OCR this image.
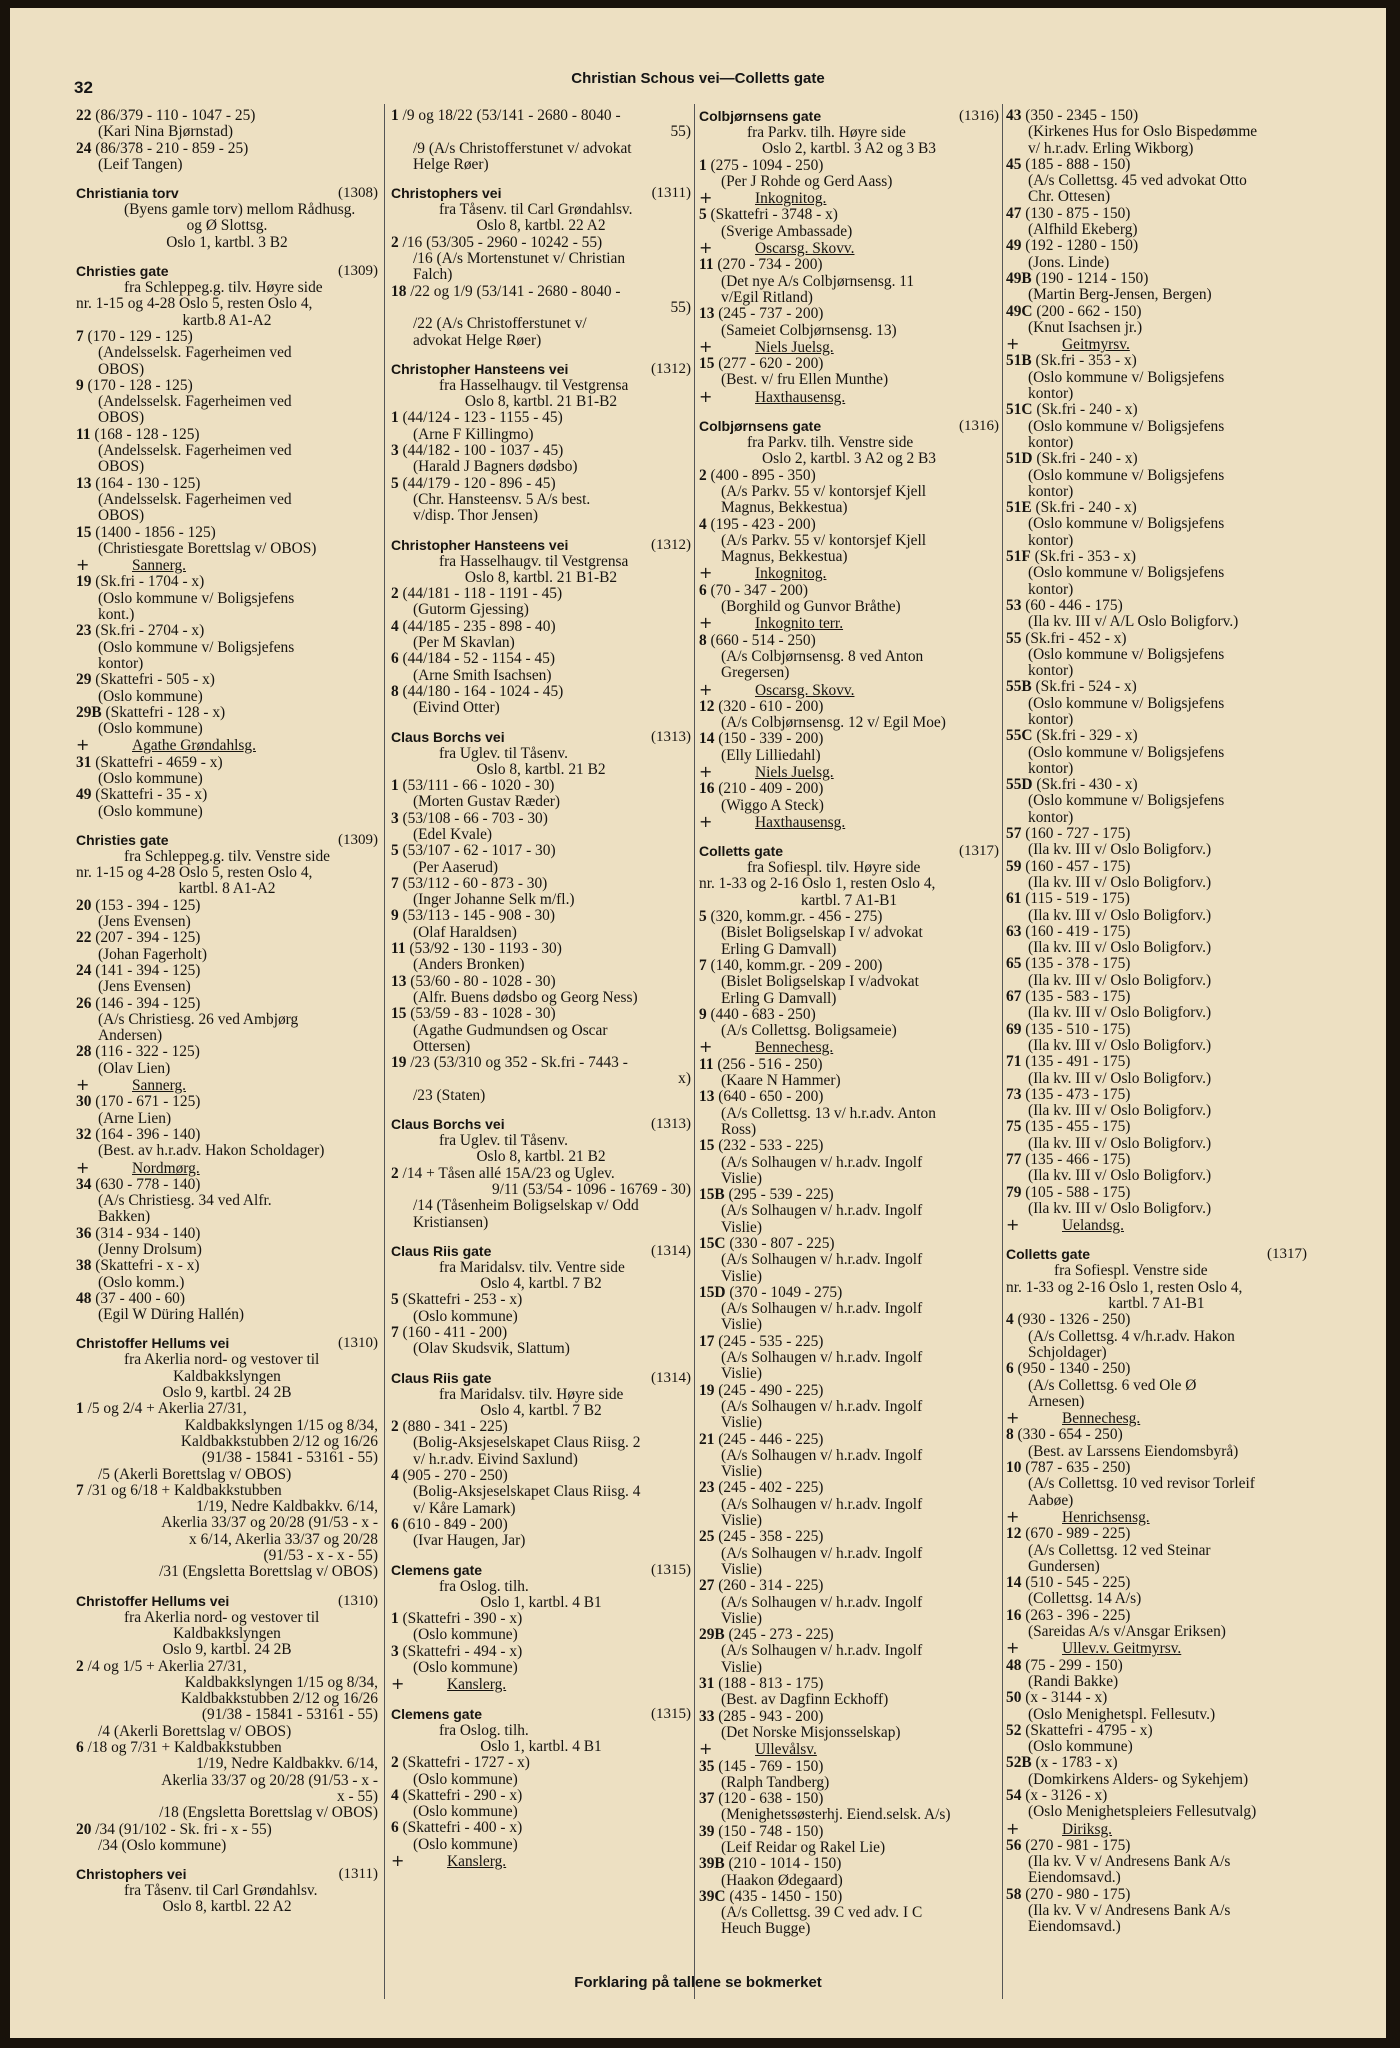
32	Christian Schous vei—Colletts gate
22 (86/379 - 110 - 1047 - 25)
(Kari Nina Bjørnstad)
24 (86/378 - 210 - 859 - 25)
(Leif Tangen)
Christiania torv	(1308)
(Byens gamle torv) mellom Rådhusg.
og Ø Slottsg.
Oslo 1, kartbl. 3 B2
Christies gate	(1309)
fra Schleppeg.g. tilv. Høyre side
nr. 1-15 og 4-28 Oslo 5, resten Oslo 4,
kartb.8 A1-A2
7 (170 - 129 - 125)
(Andelsselsk. Fagerheimen ved
OBOS)
9 (170 - 128 - 125)
(Andelsselsk. Fagerheimen ved
OBOS)
11 (168 - 128 - 125)
(Andelsselsk. Fagerheimen ved
OBOS)
13 (164 - 130 - 125)
(Andelsselsk. Fagerheimen ved
OBOS)
15 (1400 - 1856 - 125)
(Christiesgate Borettslag v/ OBOS)
+	Sannerg.
19 (Sk.fri - 1704 - x)
(Oslo kommune v/ Boligsjefens
kont.)
23 (Sk.fri - 2704 - x)
(Oslo kommune v/ Boligsjefens
kontor)
29 (Skattefri - 505 - x)
(Oslo kommune)
29B (Skattefri - 128 - x)
(Oslo kommune)
+	Agathe Grøndahlsg.
31 (Skattefri - 4659 - x)
(Oslo kommune)
49 (Skattefri - 35 - x)
(Oslo kommune)
Christies gate	(1309)
fra Schleppeg.g. tilv. Venstre side
nr. 1-15 og 4-28 Oslo 5, resten Oslo 4,
kartbl. 8 A1-A2
20 (153 - 394 - 125)
(Jens Evensen)
22 (207 - 394 - 125)
(Johan Fagerholt)
24 (141 - 394 - 125)
(Jens Evensen)
26 (146 - 394 - 125)
(A/s Christiesg. 26 ved Ambjørg
Andersen)
28 (116 - 322 - 125)
(Olav Lien)
+	Sannerg.
30 (170 - 671 - 125)
(Arne Lien)
32 (164 - 396 - 140)
(Best. av h.r.adv. Hakon Scholdager)
+	Nordmørg.
34 (630 - 778 - 140)
(A/s Christiesg. 34 ved Alfr.
Bakken)
36 (314 - 934 - 140)
(Jenny Drolsum)
38 (Skattefri - x - x)
(Oslo komm.)
48 (37 - 400 - 60)
(Egil W Düring Hallén)
Christoffer Hellums vei	(1310)
fra Akerlia nord- og vestover til
Kaldbakkslyngen
Oslo 9, kartbl. 24 2B
1 /5 og 2/4 + Akerlia 27/31,
Kaldbakkslyngen 1/15 og 8/34,
Kaldbakkstubben 2/12 og 16/26
(91/38 - 15841 - 53161 - 55)
/5 (Akerli Borettslag v/ OBOS)
7 /31 og 6/18 + Kaldbakkstubben
1/19, Nedre Kaldbakkv. 6/14,
Akerlia 33/37 og 20/28 (91/53 - x -
x 6/14, Akerlia 33/37 og 20/28
(91/53 - x - x - 55)
/31 (Engsletta Borettslag v/ OBOS)
Christoffer Hellums vei	(1310)
fra Akerlia nord- og vestover til
Kaldbakkslyngen
Oslo 9, kartbl. 24 2B
2 /4 og 1/5 + Akerlia 27/31,
Kaldbakkslyngen 1/15 og 8/34,
Kaldbakkstubben 2/12 og 16/26
(91/38 - 15841 - 53161 - 55)
/4 (Akerli Borettslag v/ OBOS)
6 /18 og 7/31 + Kaldbakkstubben
1/19, Nedre Kaldbakkv. 6/14,
Akerlia 33/37 og 20/28 (91/53 - x -
x - 55)
/18 (Engsletta Borettslag v/ OBOS)
20 /34 (91/102 - Sk. fri - x - 55)
/34 (Oslo kommune)
Christophers vei	(1311)
fra Tåsenv. til Carl Grøndahlsv.
Oslo 8, kartbl. 22 A2
1 /9 og 18/22 (53/141 - 2680 - 8040 -
55)
/9 (A/s Christofferstunet v/ advokat
Helge Røer)
Christophers vei	(1311)
fra Tåsenv. til Carl Grøndahlsv.
Oslo 8, kartbl. 22 A2
2 /16 (53/305 - 2960 - 10242 - 55)
/16 (A/s Mortenstunet v/ Christian
Falch)
18 /22 og 1/9 (53/141 - 2680 - 8040 -
55)
/22 (A/s Christofferstunet v/
advokat Helge Røer)
Christopher Hansteens vei	(1312)
fra Hasselhaugv. til Vestgrensa
Oslo 8, kartbl. 21 B1-B2
1 (44/124 - 123 - 1155 - 45)
(Arne F Killingmo)
3 (44/182 - 100 - 1037 - 45)
(Harald J Bagners dødsbo)
5 (44/179 - 120 - 896 - 45)
(Chr. Hansteensv. 5 A/s best.
v/disp. Thor Jensen)
Christopher Hansteens vei	(1312)
fra Hasselhaugv. til Vestgrensa
Oslo 8, kartbl. 21 B1-B2
2 (44/181 - 118 - 1191 - 45)
(Gutorm Gjessing)
4 (44/185 - 235 - 898 - 40)
(Per M Skavlan)
6 (44/184 - 52 - 1154 - 45)
(Arne Smith Isachsen)
8 (44/180 - 164 - 1024 - 45)
(Eivind Otter)
Claus Borchs vei	(1313)
fra Uglev. til Tåsenv.
Oslo 8, kartbl. 21 B2
1 (53/111 - 66 - 1020 - 30)
(Morten Gustav Ræder)
3 (53/108 - 66 - 703 - 30)
(Edel Kvale)
5 (53/107 - 62 - 1017 - 30)
(Per Aaserud)
7 (53/112 - 60 - 873 - 30)
(Inger Johanne Selk m/fl.)
9 (53/113 - 145 - 908 - 30)
(Olaf Haraldsen)
11 (53/92 - 130 - 1193 - 30)
(Anders Bronken)
13 (53/60 - 80 - 1028 - 30)
(Alfr. Buens dødsbo og Georg Ness)
15 (53/59 - 83 - 1028 - 30)
(Agathe Gudmundsen og Oscar
Ottersen)
19 /23 (53/310 og 352 - Sk.fri - 7443 -
x)
/23 (Staten)
Claus Borchs vei	(1313)
fra Uglev. til Tåsenv.
Oslo 8, kartbl. 21 B2
2 /14 + Tåsen allé 15A/23 og Uglev.
9/11 (53/54 - 1096 - 16769 - 30)
/14 (Tåsenheim Boligselskap v/ Odd
Kristiansen)
Claus Riis gate	(1314)
fra Maridalsv. tilv. Ventre side
Oslo 4, kartbl. 7 B2
5 (Skattefri - 253 - x)
(Oslo kommune)
7 (160 - 411 - 200)
(Olav Skudsvik, Slattum)
Claus Riis gate	(1314)
fra Maridalsv. tilv. Høyre side
Oslo 4, kartbl. 7 B2
2 (880 - 341 - 225)
(Bolig-Aksjeselskapet Claus Riisg. 2
v/ h.r.adv. Eivind Saxlund)
4 (905 - 270 - 250)
(Bolig-Aksjeselskapet Claus Riisg. 4
v/ Kåre Lamark)
6 (610 - 849 - 200)
(Ivar Haugen, Jar)
Clemens gate	(1315)
fra Oslog. tilh.
Oslo 1, kartbl. 4 B1
1 (Skattefri - 390 - x)
(Oslo kommune)
3 (Skattefri - 494 - x)
(Oslo kommune)
+	Kanslerg.
Clemens gate	(1315)
fra Oslog. tilh.
Oslo 1, kartbl. 4 B1
2 (Skattefri - 1727 - x)
(Oslo kommune)
4 (Skattefri - 290 - x)
(Oslo kommune)
6 (Skattefri - 400 - x)
(Oslo kommune)
+	Kanslerg.
Colbjørnsens gate	(1316)
fra Parkv. tilh. Høyre side
Oslo 2, kartbl. 3 A2 og 3 B3
1 (275 - 1094 - 250)
(Per J Rohde og Gerd Aass)
+	Inkognitog.
5 (Skattefri - 3748 - x)
(Sverige Ambassade)
+	Oscarsg. Skovv.
11 (270 - 734 - 200)
(Det nye A/s Colbjørnsensg. 11
v/Egil Ritland)
13 (245 - 737 - 200)
(Sameiet Colbjørnsensg. 13)
+	Niels Juelsg.
15 (277 - 620 - 200)
(Best. v/ fru Ellen Munthe)
+	Haxthausensg.
Colbjørnsens gate	(1316)
fra Parkv. tilh. Venstre side
Oslo 2, kartbl. 3 A2 og 2 B3
2 (400 - 895 - 350)
(A/s Parkv. 55 v/ kontorsjef Kjell
Magnus, Bekkestua)
4 (195 - 423 - 200)
(A/s Parkv. 55 v/ kontorsjef Kjell
Magnus, Bekkestua)
+	Inkognitog.
6 (70 - 347 - 200)
(Borghild og Gunvor Bråthe)
+	Inkognito terr.
8 (660 - 514 - 250)
(A/s Colbjørnsensg. 8 ved Anton
Gregersen)
+	Oscarsg. Skovv.
12 (320 - 610 - 200)
(A/s Colbjørnsensg. 12 v/ Egil Moe)
14 (150 - 339 - 200)
(Elly Lilliedahl)
+	Niels Juelsg.
16 (210 - 409 - 200)
(Wiggo A Steck)
+	Haxthausensg.
Colletts gate	(1317)
fra Sofiespl. tilv. Høyre side
nr. 1-33 og 2-16 Oslo 1, resten Oslo 4,
kartbl. 7 A1-B1
5 (320, komm.gr. - 456 - 275)
(Bislet Boligselskap I v/ advokat
Erling G Damvall)
7 (140, komm.gr. - 209 - 200)
(Bislet Boligselskap I v/advokat
Erling G Damvall)
9 (440 - 683 - 250)
(A/s Collettsg. Boligsameie)
+	Bennechesg.
11 (256 - 516 - 250)
(Kaare N Hammer)
13 (640 - 650 - 200)
(A/s Collettsg. 13 v/ h.r.adv. Anton
Ross)
15 (232 - 533 - 225)
(A/s Solhaugen v/ h.r.adv. Ingolf
Vislie)
15B (295 - 539 - 225)
(A/s Solhaugen v/ h.r.adv. Ingolf
Vislie)
15C (330 - 807 - 225)
(A/s Solhaugen v/ h.r.adv. Ingolf
Vislie)
15D (370 - 1049 - 275)
(A/s Solhaugen v/ h.r.adv. Ingolf
Vislie)
17 (245 - 535 - 225)
(A/s Solhaugen v/ h.r.adv. Ingolf
Vislie)
19 (245 - 490 - 225)
(A/s Solhaugen v/ h.r.adv. Ingolf
Vislie)
21 (245 - 446 - 225)
(A/s Solhaugen v/ h.r.adv. Ingolf
Vislie)
23 (245 - 402 - 225)
(A/s Solhaugen v/ h.r.adv. Ingolf
Vislie)
25 (245 - 358 - 225)
(A/s Solhaugen v/ h.r.adv. Ingolf
Vislie)
27 (260 - 314 - 225)
(A/s Solhaugen v/ h.r.adv. Ingolf
Vislie)
29B (245 - 273 - 225)
(A/s Solhaugen v/ h.r.adv. Ingolf
Vislie)
31 (188 - 813 - 175)
(Best. av Dagfinn Eckhoff)
33 (285 - 943 - 200)
(Det Norske Misjonsselskap)
+	Ullevålsv.
35 (145 - 769 - 150)
(Ralph Tandberg)
37 (120 - 638 - 150)
(Menighetssøsterhj. Eiend.selsk. A/s)
39 (150 - 748 - 150)
(Leif Reidar og Rakel Lie)
39B (210 - 1014 - 150)
(Haakon Ødegaard)
39C (435 - 1450 - 150)
(A/s Collettsg. 39 C ved adv. I C
Heuch Bugge)
43 (350 - 2345 - 150)
(Kirkenes Hus for Oslo Bispedømme
v/ h.r.adv. Erling Wikborg)
45 (185 - 888 - 150)
(A/s Collettsg. 45 ved advokat Otto
Chr. Ottesen)
47 (130 - 875 - 150)
(Alfhild Ekeberg)
49 (192 - 1280 - 150)
(Jons. Linde)
49B (190 - 1214 - 150)
(Martin Berg-Jensen, Bergen)
49C (200 - 662 - 150)
(Knut Isachsen jr.)
+	Geitmyrsv.
51B (Sk.fri - 353 - x)
(Oslo kommune v/ Boligsjefens
kontor)
51C (Sk.fri - 240 - x)
(Oslo kommune v/ Boligsjefens
kontor)
51D (Sk.fri - 240 - x)
(Oslo kommune v/ Boligsjefens
kontor)
51E (Sk.fri - 240 - x)
(Oslo kommune v/ Boligsjefens
kontor)
51F (Sk.fri - 353 - x)
(Oslo kommune v/ Boligsjefens
kontor)
53 (60 - 446 - 175)
(Ila kv. III v/ A/L Oslo Boligforv.)
55 (Sk.fri - 452 - x)
(Oslo kommune v/ Boligsjefens
kontor)
55B (Sk.fri - 524 - x)
(Oslo kommune v/ Boligsjefens
kontor)
55C (Sk.fri - 329 - x)
(Oslo kommune v/ Boligsjefens
kontor)
55D (Sk.fri - 430 - x)
(Oslo kommune v/ Boligsjefens
kontor)
57 (160 - 727 - 175)
(Ila kv. III v/ Oslo Boligforv.)
59 (160 - 457 - 175)
(Ila kv. III v/ Oslo Boligforv.)
61 (115 - 519 - 175)
(Ila kv. III v/ Oslo Boligforv.)
63 (160 - 419 - 175)
(Ila kv. III v/ Oslo Boligforv.)
65 (135 - 378 - 175)
(Ila kv. III v/ Oslo Boligforv.)
67 (135 - 583 - 175)
(Ila kv. III v/ Oslo Boligforv.)
69 (135 - 510 - 175)
(Ila kv. III v/ Oslo Boligforv.)
71 (135 - 491 - 175)
(Ila kv. III v/ Oslo Boligforv.)
73 (135 - 473 - 175)
(Ila kv. III v/ Oslo Boligforv.)
75 (135 - 455 - 175)
(Ila kv. III v/ Oslo Boligforv.)
77 (135 - 466 - 175)
(Ila kv. III v/ Oslo Boligforv.)
79 (105 - 588 - 175)
(Ila kv. III v/ Oslo Boligforv.)
+	Uelandsg.
Colletts gate	(1317)
fra Sofiespl. Venstre side
nr. 1-33 og 2-16 Oslo 1, resten Oslo 4,
kartbl. 7 A1-B1
4 (930 - 1326 - 250)
(A/s Collettsg. 4 v/h.r.adv. Hakon
Schjoldager)
6 (950 - 1340 - 250)
(A/s Collettsg. 6 ved Ole Ø
Arnesen)
+	Bennechesg.
8 (330 - 654 - 250)
(Best. av Larssens Eiendomsbyrå)
10 (787 - 635 - 250)
(A/s Collettsg. 10 ved revisor Torleif
Aabøe)
+	Henrichsensg.
12 (670 - 989 - 225)
(A/s Collettsg. 12 ved Steinar
Gundersen)
14 (510 - 545 - 225)
(Collettsg. 14 A/s)
16 (263 - 396 - 225)
(Sareidas A/s v/Ansgar Eriksen)
+	Ullev.v. Geitmyrsv.
48 (75 - 299 - 150)
(Randi Bakke)
50 (x - 3144 - x)
(Oslo Menighetspl. Fellesutv.)
52 (Skattefri - 4795 - x)
(Oslo kommune)
52B (x - 1783 - x)
(Domkirkens Alders- og Sykehjem)
54 (x - 3126 - x)
(Oslo Menighetspleiers Fellesutvalg)
+	Diriksg.
56 (270 - 981 - 175)
(Ila kv. V v/ Andresens Bank A/s
Eiendomsavd.)
58 (270 - 980 - 175)
(Ila kv. V v/ Andresens Bank A/s
Eiendomsavd.)
Forklaring på tallene se bokmerket
